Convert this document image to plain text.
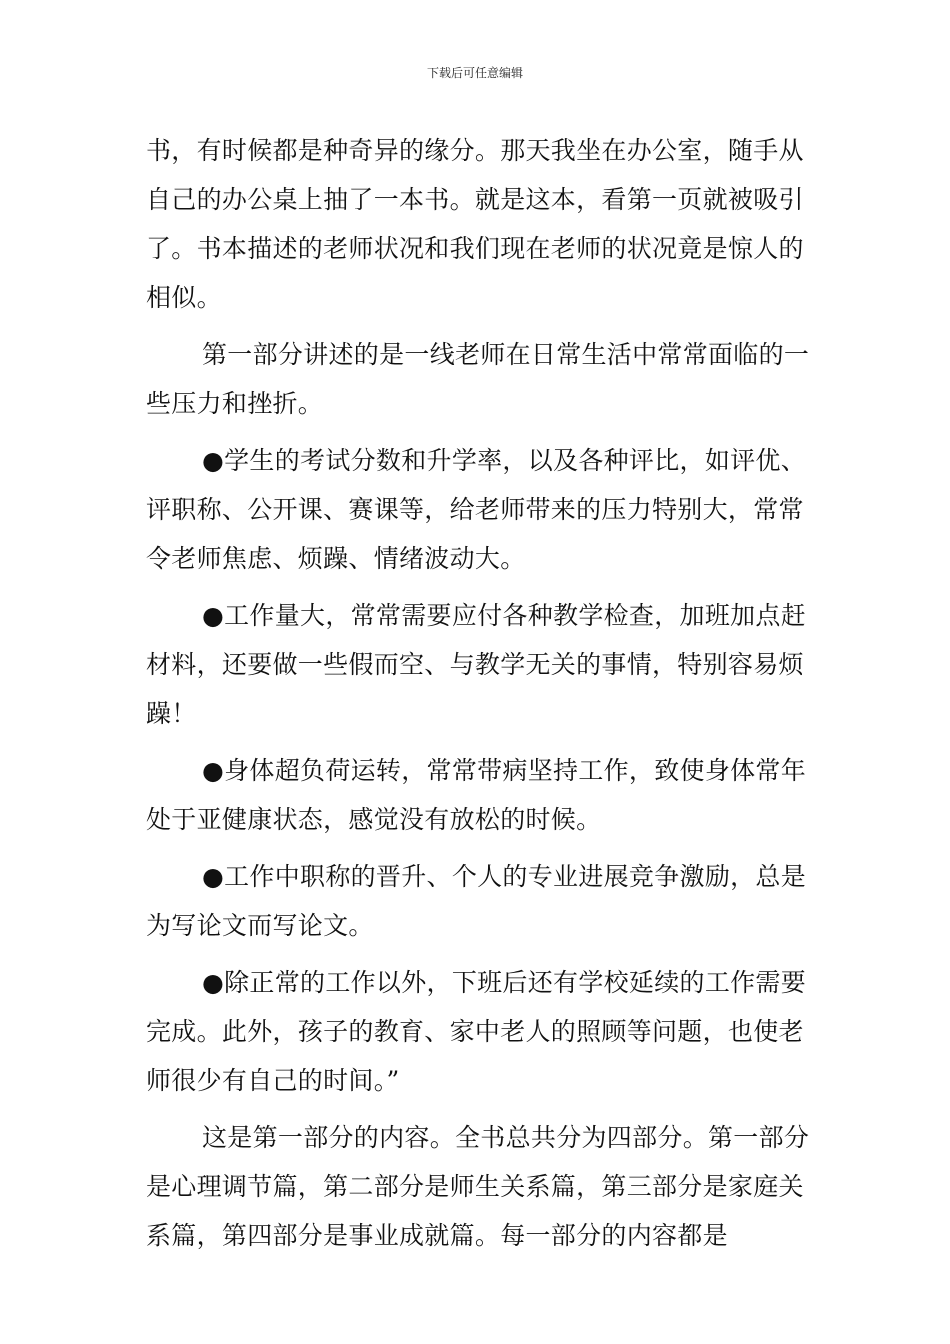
下载后可任意编辑

书，有时候都是种奇异的缘分。那天我坐在办公室，随手从自己的办公桌上抽了一本书。就是这本，看第一页就被吸引了。书本描述的老师状况和我们现在老师的状况竟是惊人的相似。

第一部分讲述的是一线老师在日常生活中常常面临的一些压力和挫折。

●学生的考试分数和升学率，以及各种评比，如评优、评职称、公开课、赛课等，给老师带来的压力特别大，常常令老师焦虑、烦躁、情绪波动大。

●工作量大，常常需要应付各种教学检查，加班加点赶材料，还要做一些假而空、与教学无关的事情，特别容易烦躁！

●身体超负荷运转，常常带病坚持工作，致使身体常年处于亚健康状态，感觉没有放松的时候。

●工作中职称的晋升、个人的专业进展竞争激励，总是为写论文而写论文。

●除正常的工作以外，下班后还有学校延续的工作需要完成。此外，孩子的教育、家中老人的照顾等问题，也使老师很少有自己的时间。”

这是第一部分的内容。全书总共分为四部分。第一部分是心理调节篇，第二部分是师生关系篇，第三部分是家庭关系篇，第四部分是事业成就篇。每一部分的内容都是
